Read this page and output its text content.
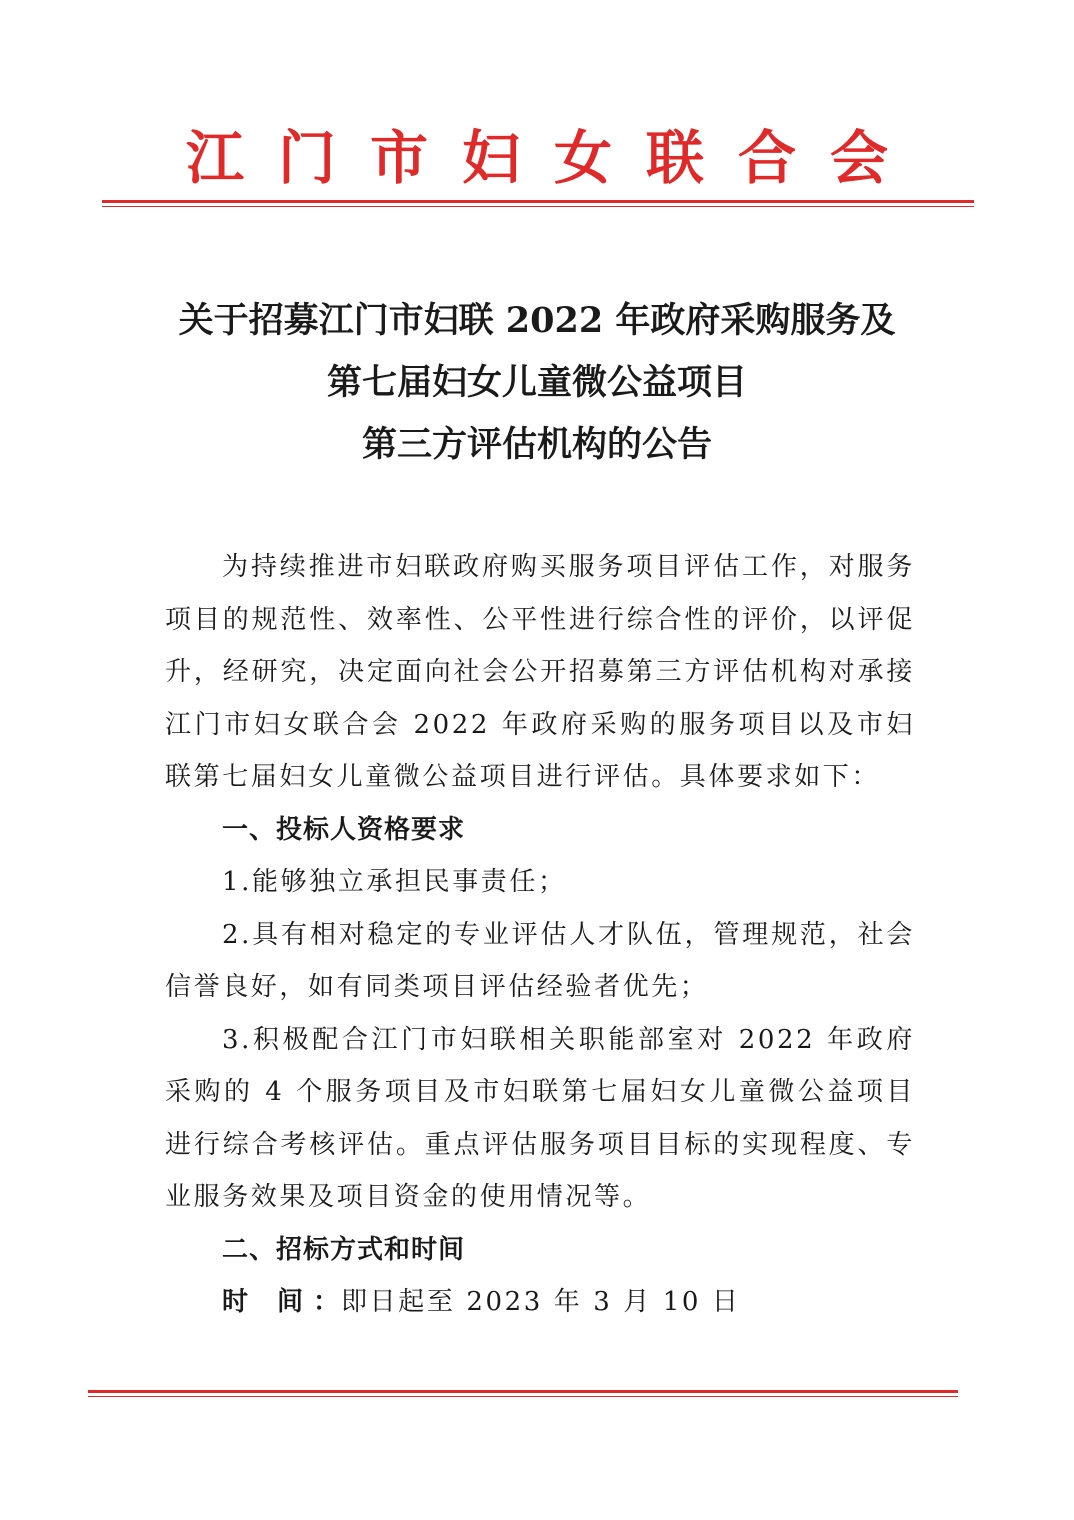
江门市妇女联合会
关于招募江门市妇联 2022 年政府采购服务及
第七届妇女儿童微公益项目
第三方评估机构的公告

为持续推进市妇联政府购买服务项目评估工作，对服务项目的规范性、效率性、公平性进行综合性的评价，以评促升，经研究，决定面向社会公开招募第三方评估机构对承接江门市妇女联合会 2022 年政府采购的服务项目以及市妇联第七届妇女儿童微公益项目进行评估。具体要求如下：

一、投标人资格要求

1.能够独立承担民事责任；

2.具有相对稳定的专业评估人才队伍，管理规范，社会信誉良好，如有同类项目评估经验者优先；

3.积极配合江门市妇联相关职能部室对 2022 年政府采购的 4 个服务项目及市妇联第七届妇女儿童微公益项目进行综合考核评估。重点评估服务项目目标的实现程度、专业服务效果及项目资金的使用情况等。

二、招标方式和时间

时 间：即日起至 2023 年 3 月 10 日
